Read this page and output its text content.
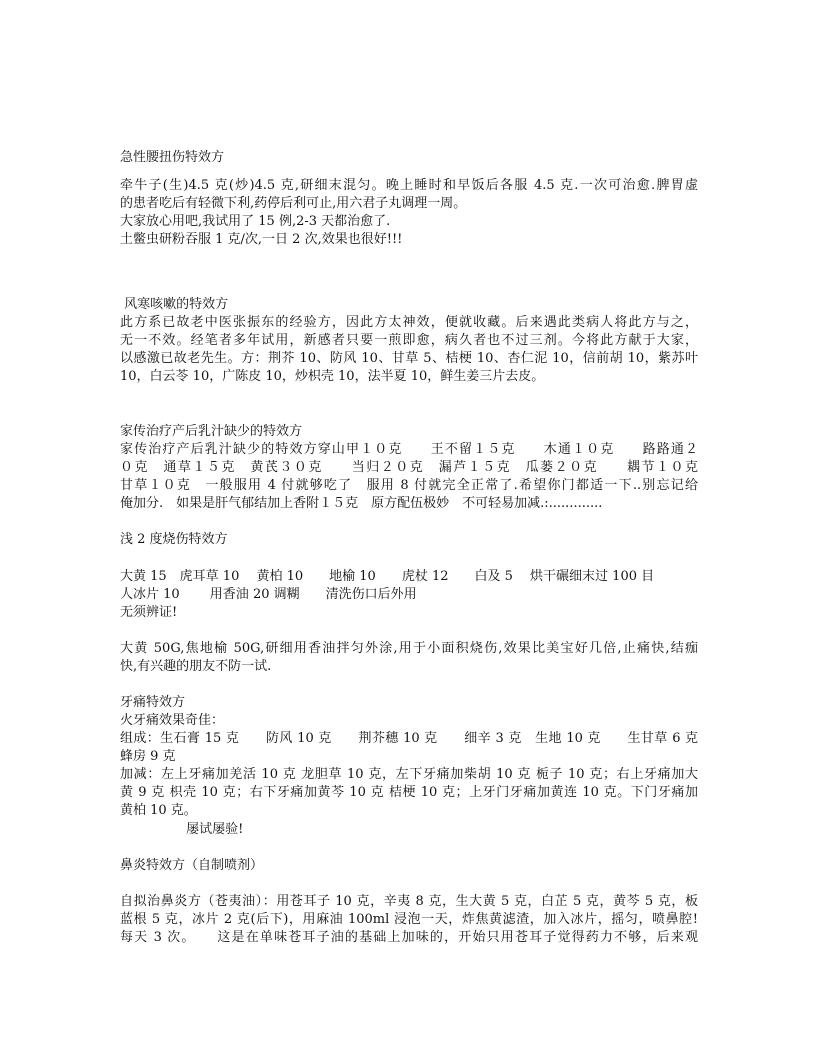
急性腰扭伤特效方
牵牛子(生)4.5 克(炒)4.5 克,研细末混匀。晚上睡时和早饭后各服 4.5 克.一次可治愈.脾胃虚
的患者吃后有轻微下利,药停后利可止,用六君子丸调理一周。
大家放心用吧,我试用了 15 例,2-3 天都治愈了.
土鳖虫研粉吞服 1 克/次,一日 2 次,效果也很好!!!
风寒咳嗽的特效方
此方系已故老中医张振东的经验方，因此方太神效，便就收藏。后来遇此类病人将此方与之，
无一不效。经笔者多年试用，新感者只要一煎即愈，病久者也不过三剂。今将此方献于大家，
以感激已故老先生。方：荆芥 10、防风 10、甘草 5、桔梗 10、杏仁泥 10，信前胡 10，紫苏叶
10，白云苓 10，广陈皮 10，炒枳壳 10，法半夏 10，鲜生姜三片去皮。
家传治疗产后乳汁缺少的特效方
家传治疗产后乳汁缺少的特效方穿山甲１０克　　王不留１５克　　木通１０克　　路路通２
０克　通草１５克　黄芪３０克　　当归２０克　漏芦１５克　瓜蒌２０克　　耦节１０克
甘草１０克　一般服用 4 付就够吃了　服用 8 付就完全正常了.希望你门都适一下..别忘记给
俺加分.　如果是肝气郁结加上香附１５克　原方配伍极妙　不可轻易加减.:.............
浅 2 度烧伤特效方
大黄 15　虎耳草 10　 黄柏 10　　地榆 10　　虎杖 12　　白及 5　 烘干碾细末过 100 目
人冰片 10　　 用香油 20 调糊　　清洗伤口后外用
无须辨证!
大黄 50G,焦地榆 50G,研细用香油拌匀外涂,用于小面积烧伤,效果比美宝好几倍,止痛快,结痂
快,有兴趣的朋友不防一试.
牙痛特效方
火牙痛效果奇佳：
组成：生石膏 15 克　　防风 10 克　　荆芥穗 10 克　　细辛 3 克　生地 10 克　　生甘草 6 克
蜂房 9 克
加减：左上牙痛加羌活 10 克 龙胆草 10 克，左下牙痛加柴胡 10 克 栀子 10 克；右上牙痛加大
黄 9 克 枳壳 10 克；右下牙痛加黄芩 10 克 桔梗 10 克；上牙门牙痛加黄连 10 克。下门牙痛加
黄柏 10 克。
屡试屡验!
鼻炎特效方（自制喷剂）
自拟治鼻炎方（苍夷油）：用苍耳子 10 克，辛夷 8 克，生大黄 5 克，白芷 5 克，黄芩 5 克，板
蓝根 5 克，冰片 2 克(后下)，用麻油 100ml 浸泡一天，炸焦黄滤渣，加入冰片，摇匀，喷鼻腔!
每天 3 次。　　这是在单味苍耳子油的基础上加味的，开始只用苍耳子觉得药力不够，后来观
